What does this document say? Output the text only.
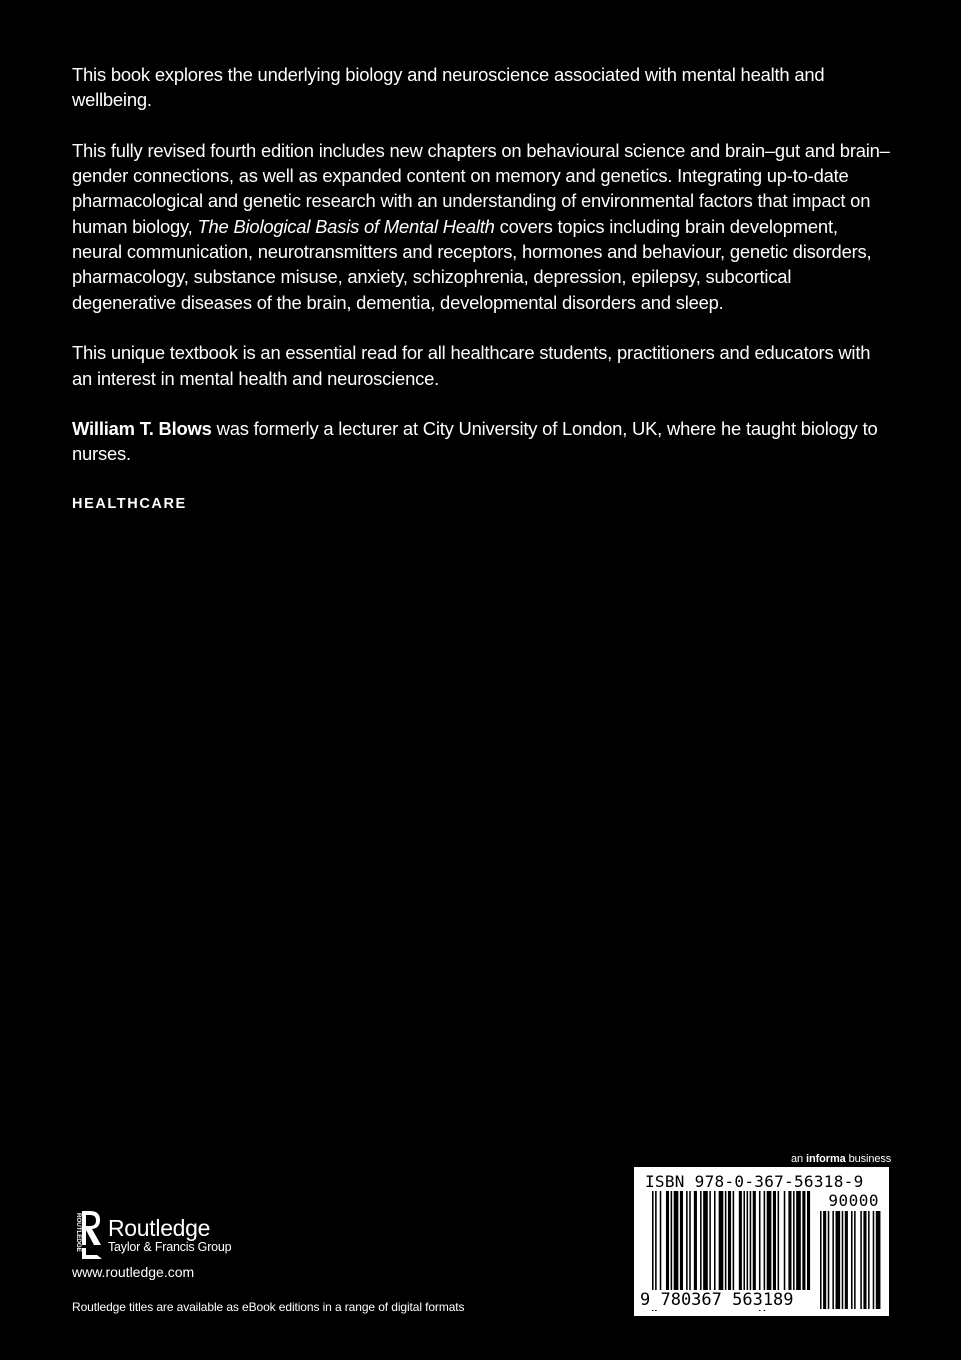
This book explores the underlying biology and neuroscience associated with mental health and wellbeing.

This fully revised fourth edition includes new chapters on behavioural science and brain–gut and brain–gender connections, as well as expanded content on memory and genetics. Integrating up-to-date pharmacological and genetic research with an understanding of environmental factors that impact on human biology, The Biological Basis of Mental Health covers topics including brain development, neural communication, neurotransmitters and receptors, hormones and behaviour, genetic disorders, pharmacology, substance misuse, anxiety, schizophrenia, depression, epilepsy, subcortical degenerative diseases of the brain, dementia, developmental disorders and sleep.

This unique textbook is an essential read for all healthcare students, practitioners and educators with an interest in mental health and neuroscience.

William T. Blows was formerly a lecturer at City University of London, UK, where he taught biology to nurses.

HEALTHCARE
ROUTLEDGE Routledge
Taylor & Francis Group
www.routledge.com
Routledge titles are available as eBook editions in a range of digital formats
an informa business
ISBN 978-0-367-56318-9
90000
9 780367 563189
